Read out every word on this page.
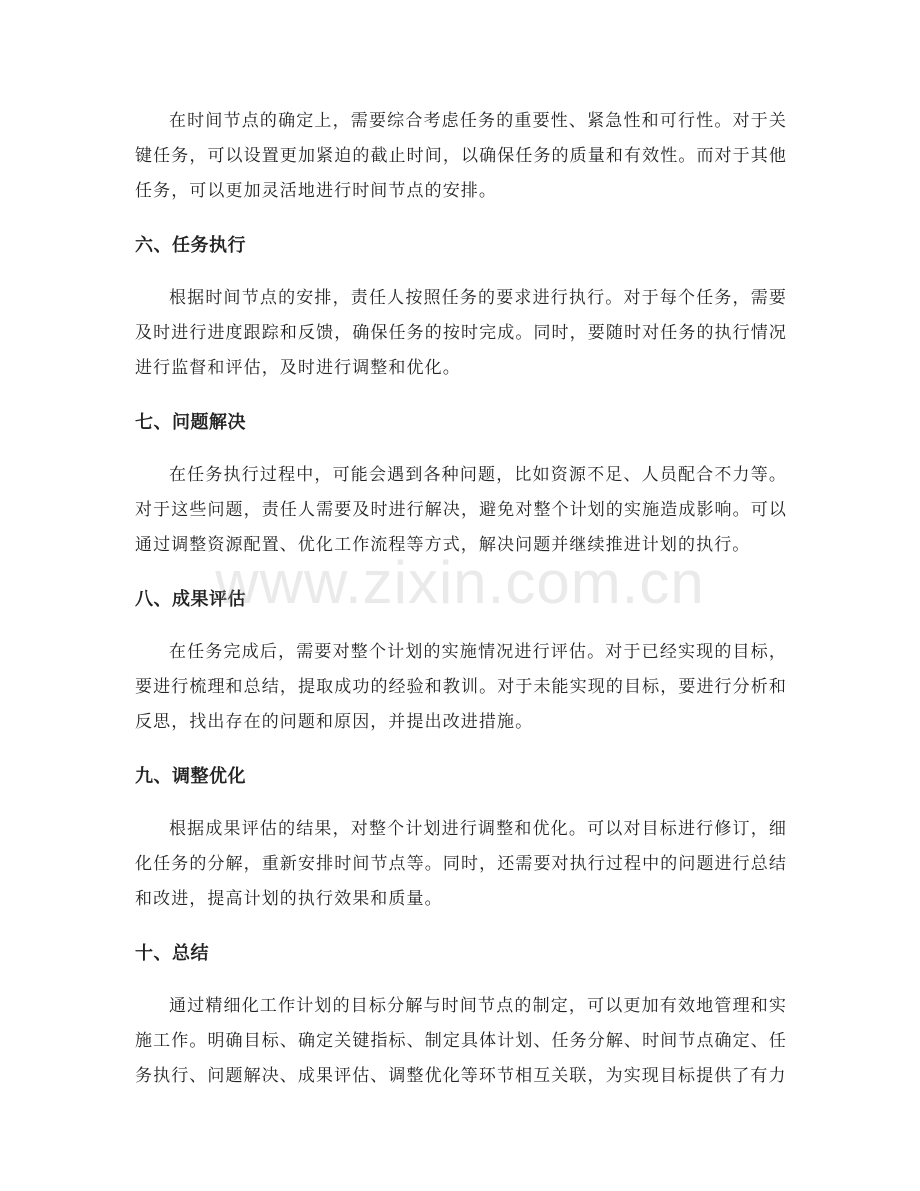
在时间节点的确定上，需要综合考虑任务的重要性、紧急性和可行性。对于关键任务，可以设置更加紧迫的截止时间，以确保任务的质量和有效性。而对于其他任务，可以更加灵活地进行时间节点的安排。

六、任务执行

根据时间节点的安排，责任人按照任务的要求进行执行。对于每个任务，需要及时进行进度跟踪和反馈，确保任务的按时完成。同时，要随时对任务的执行情况进行监督和评估，及时进行调整和优化。

七、问题解决

在任务执行过程中，可能会遇到各种问题，比如资源不足、人员配合不力等。对于这些问题，责任人需要及时进行解决，避免对整个计划的实施造成影响。可以通过调整资源配置、优化工作流程等方式，解决问题并继续推进计划的执行。

八、成果评估

在任务完成后，需要对整个计划的实施情况进行评估。对于已经实现的目标，要进行梳理和总结，提取成功的经验和教训。对于未能实现的目标，要进行分析和反思，找出存在的问题和原因，并提出改进措施。

九、调整优化

根据成果评估的结果，对整个计划进行调整和优化。可以对目标进行修订，细化任务的分解，重新安排时间节点等。同时，还需要对执行过程中的问题进行总结和改进，提高计划的执行效果和质量。

十、总结

通过精细化工作计划的目标分解与时间节点的制定，可以更加有效地管理和实施工作。明确目标、确定关键指标、制定具体计划、任务分解、时间节点确定、任务执行、问题解决、成果评估、调整优化等环节相互关联，为实现目标提供了有力

www.zixin.com.cn
